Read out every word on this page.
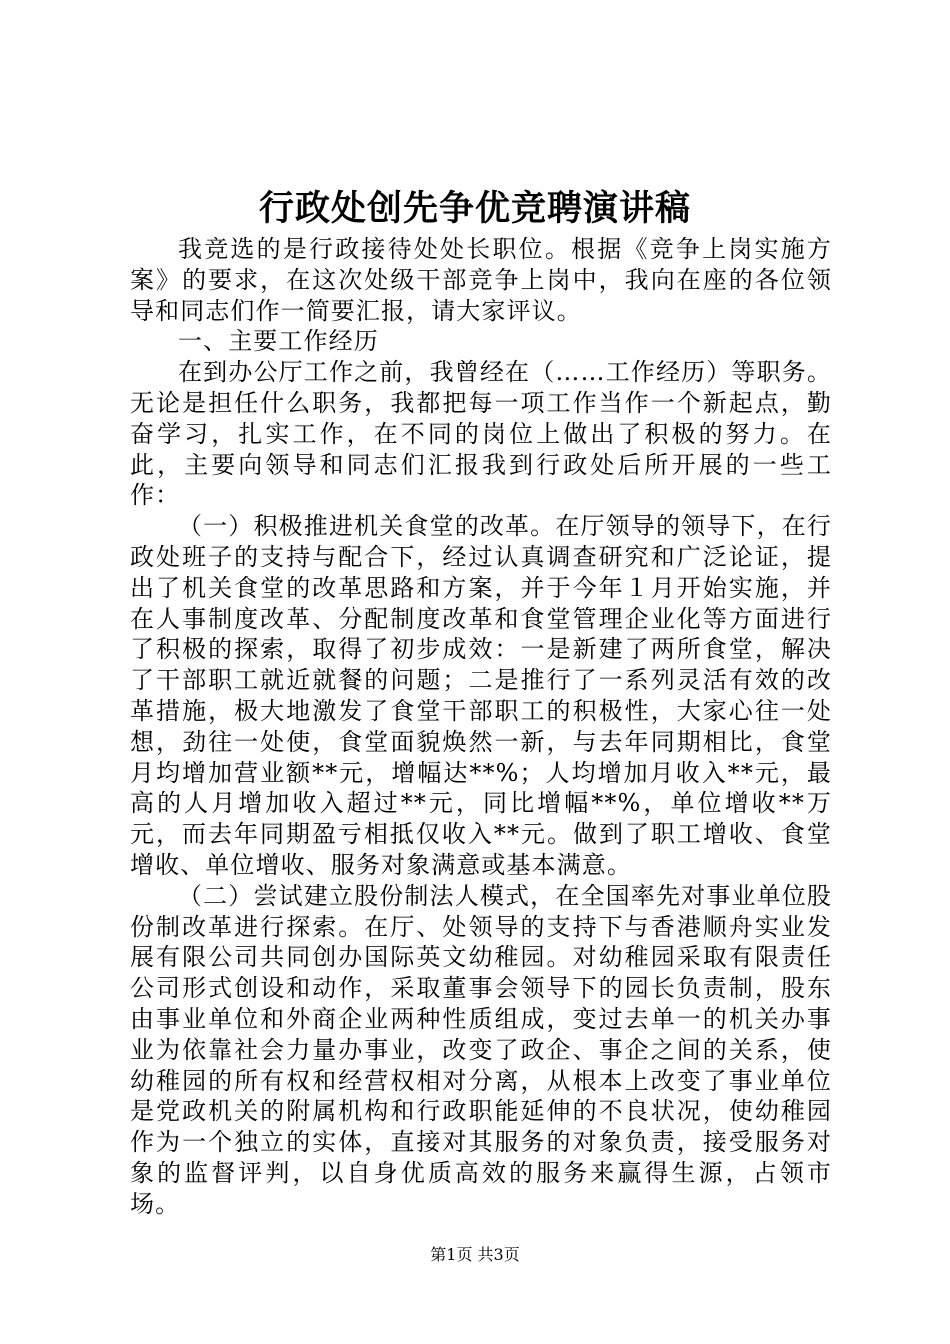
行政处创先争优竞聘演讲稿

我竞选的是行政接待处处长职位。根据《竞争上岗实施方案》的要求，在这次处级干部竞争上岗中，我向在座的各位领导和同志们作一简要汇报，请大家评议。

一、主要工作经历

在到办公厅工作之前，我曾经在（……工作经历）等职务。无论是担任什么职务，我都把每一项工作当作一个新起点，勤奋学习，扎实工作，在不同的岗位上做出了积极的努力。在此，主要向领导和同志们汇报我到行政处后所开展的一些工作：

（一）积极推进机关食堂的改革。在厅领导的领导下，在行政处班子的支持与配合下，经过认真调查研究和广泛论证，提出了机关食堂的改革思路和方案，并于今年１月开始实施，并在人事制度改革、分配制度改革和食堂管理企业化等方面进行了积极的探索，取得了初步成效：一是新建了两所食堂，解决了干部职工就近就餐的问题；二是推行了一系列灵活有效的改革措施，极大地激发了食堂干部职工的积极性，大家心往一处想，劲往一处使，食堂面貌焕然一新，与去年同期相比，食堂月均增加营业额**元，增幅达**%；人均增加月收入**元，最高的人月增加收入超过**元，同比增幅**%，单位增收**万元，而去年同期盈亏相抵仅收入**元。做到了职工增收、食堂增收、单位增收、服务对象满意或基本满意。

（二）尝试建立股份制法人模式，在全国率先对事业单位股份制改革进行探索。在厅、处领导的支持下与香港顺舟实业发展有限公司共同创办国际英文幼稚园。对幼稚园采取有限责任公司形式创设和动作，采取董事会领导下的园长负责制，股东由事业单位和外商企业两种性质组成，变过去单一的机关办事业为依靠社会力量办事业，改变了政企、事企之间的关系，使幼稚园的所有权和经营权相对分离，从根本上改变了事业单位是党政机关的附属机构和行政职能延伸的不良状况，使幼稚园作为一个独立的实体，直接对其服务的对象负责，接受服务对象的监督评判，以自身优质高效的服务来赢得生源，占领市场。

第1页 共3页
